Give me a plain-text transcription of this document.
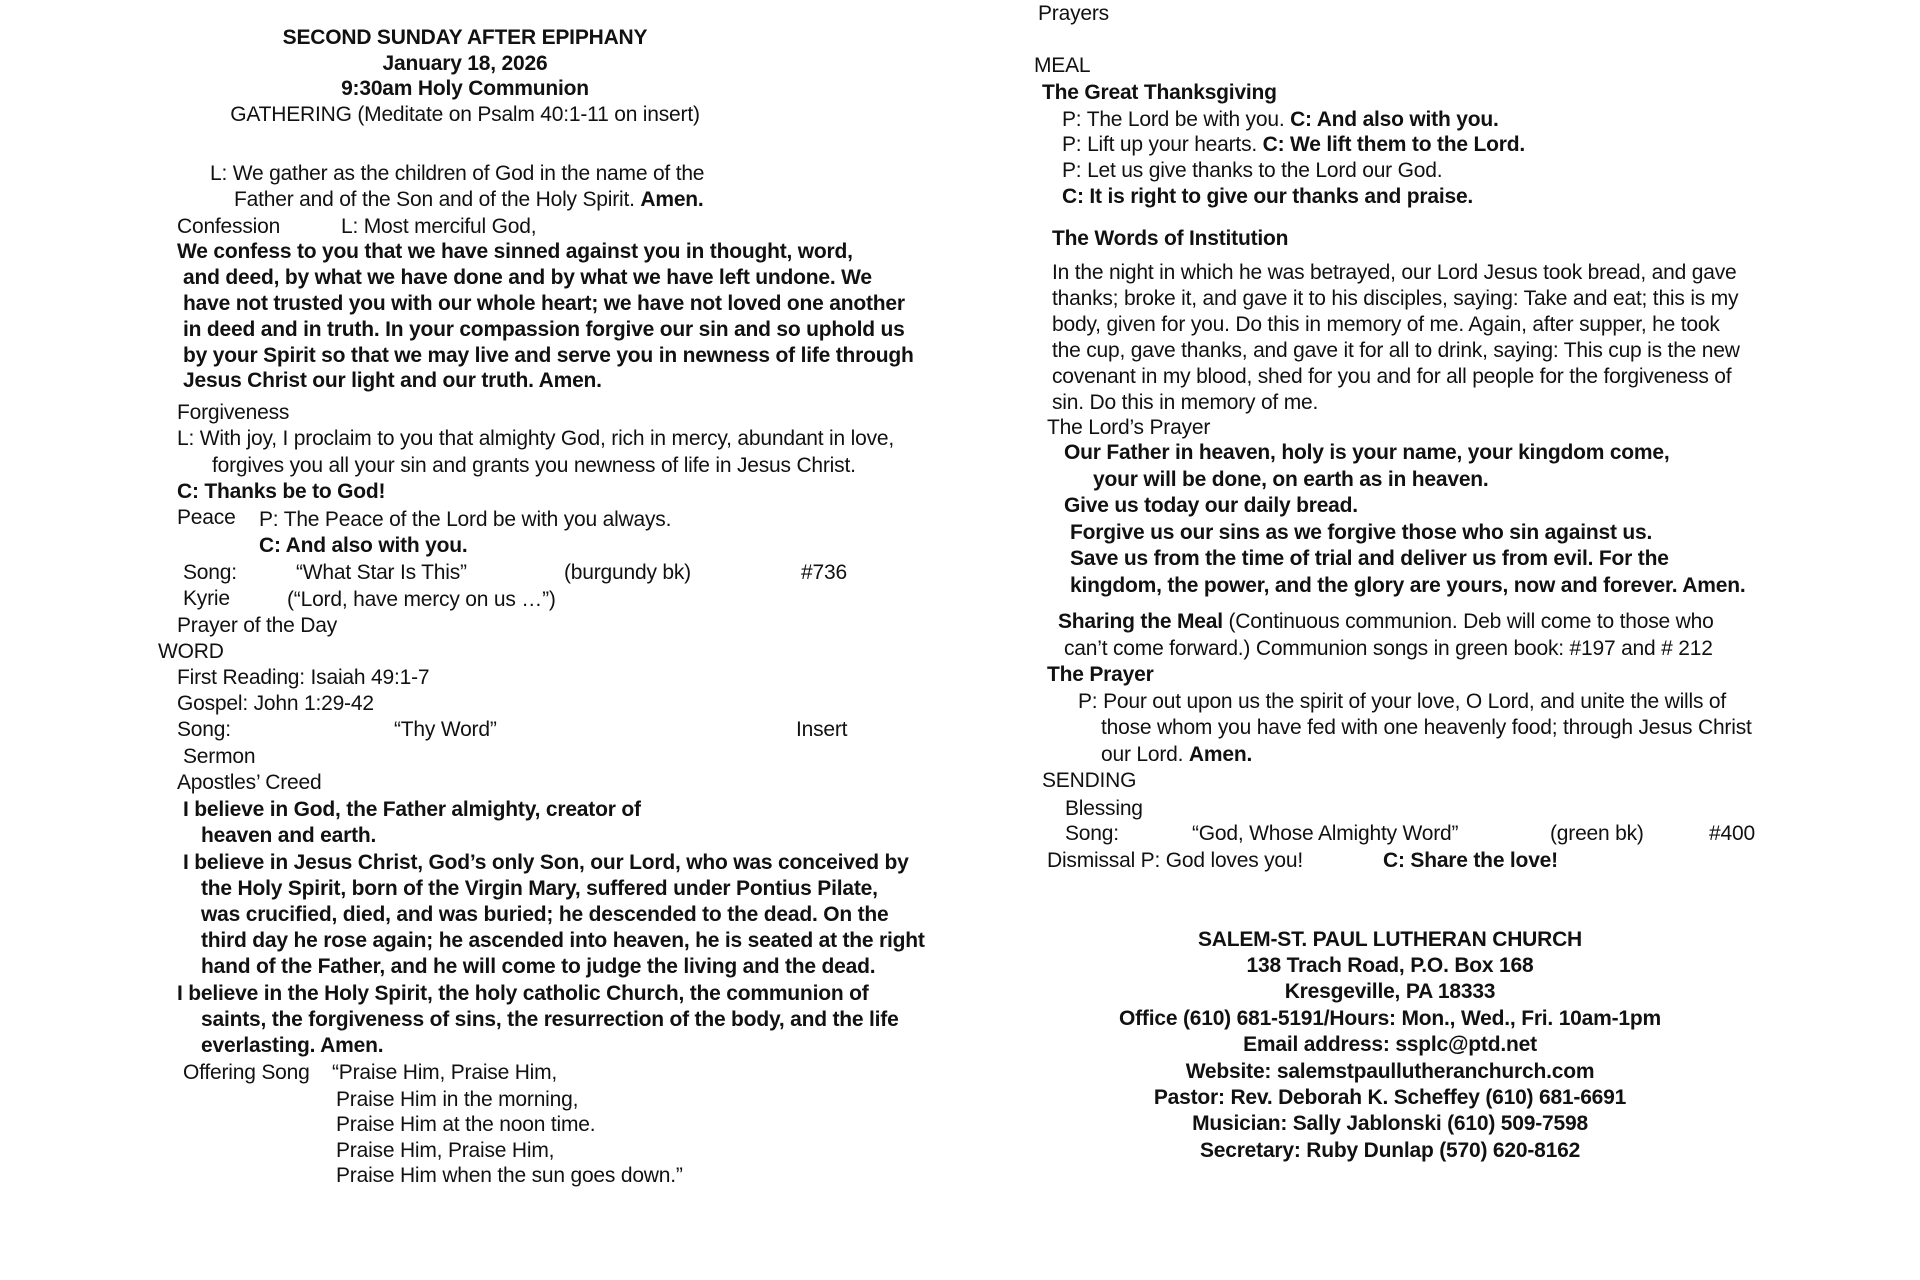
SECOND SUNDAY AFTER EPIPHANY
January 18, 2026
9:30am Holy Communion
GATHERING (Meditate on Psalm 40:1-11 on insert)
L: We gather as the children of God in the name of the
Father and of the Son and of the Holy Spirit. Amen.
Confession	L: Most merciful God,
We confess to you that we have sinned against you in thought, word,
and deed, by what we have done and by what we have left undone. We
have not trusted you with our whole heart; we have not loved one another
in deed and in truth. In your compassion forgive our sin and so uphold us
by your Spirit so that we may live and serve you in newness of life through
Jesus Christ our light and our truth. Amen.
Forgiveness
L: With joy, I proclaim to you that almighty God, rich in mercy, abundant in love,
forgives you all your sin and grants you newness of life in Jesus Christ.
C: Thanks be to God!
Peace P: The Peace of the Lord be with you always.
C: And also with you.
Song:	“What Star Is This”	(burgundy bk)	#736
Kyrie	(“Lord, have mercy on us …”)
Prayer of the Day
WORD
First Reading: Isaiah 49:1-7
Gospel: John 1:29-42
Song:	“Thy Word”	Insert
Sermon
Apostles’ Creed
I believe in God, the Father almighty, creator of
heaven and earth.
I believe in Jesus Christ, God’s only Son, our Lord, who was conceived by
the Holy Spirit, born of the Virgin Mary, suffered under Pontius Pilate,
was crucified, died, and was buried; he descended to the dead. On the
third day he rose again; he ascended into heaven, he is seated at the right
hand of the Father, and he will come to judge the living and the dead.
I believe in the Holy Spirit, the holy catholic Church, the communion of
saints, the forgiveness of sins, the resurrection of the body, and the life
everlasting. Amen.
Offering Song “Praise Him, Praise Him,
Praise Him in the morning,
Praise Him at the noon time.
Praise Him, Praise Him,
Praise Him when the sun goes down.”
Prayers
MEAL
The Great Thanksgiving
P: The Lord be with you. C: And also with you.
P: Lift up your hearts. C: We lift them to the Lord.
P: Let us give thanks to the Lord our God.
C: It is right to give our thanks and praise.
The Words of Institution
In the night in which he was betrayed, our Lord Jesus took bread, and gave
thanks; broke it, and gave it to his disciples, saying: Take and eat; this is my
body, given for you. Do this in memory of me. Again, after supper, he took
the cup, gave thanks, and gave it for all to drink, saying: This cup is the new
covenant in my blood, shed for you and for all people for the forgiveness of
sin. Do this in memory of me.
The Lord’s Prayer
Our Father in heaven, holy is your name, your kingdom come,
your will be done, on earth as in heaven.
Give us today our daily bread.
Forgive us our sins as we forgive those who sin against us.
Save us from the time of trial and deliver us from evil. For the
kingdom, the power, and the glory are yours, now and forever. Amen.
Sharing the Meal (Continuous communion. Deb will come to those who
can’t come forward.) Communion songs in green book: #197 and # 212
The Prayer
P: Pour out upon us the spirit of your love, O Lord, and unite the wills of
those whom you have fed with one heavenly food; through Jesus Christ
our Lord. Amen.
SENDING
Blessing
Song:	“God, Whose Almighty Word”	(green bk)	#400
Dismissal P: God loves you!	C: Share the love!
SALEM-ST. PAUL LUTHERAN CHURCH
138 Trach Road, P.O. Box 168
Kresgeville, PA 18333
Office (610) 681-5191/Hours: Mon., Wed., Fri. 10am-1pm
Email address: ssplc@ptd.net
Website: salemstpaullutheranchurch.com
Pastor: Rev. Deborah K. Scheffey (610) 681-6691
Musician: Sally Jablonski (610) 509-7598
Secretary: Ruby Dunlap (570) 620-8162
